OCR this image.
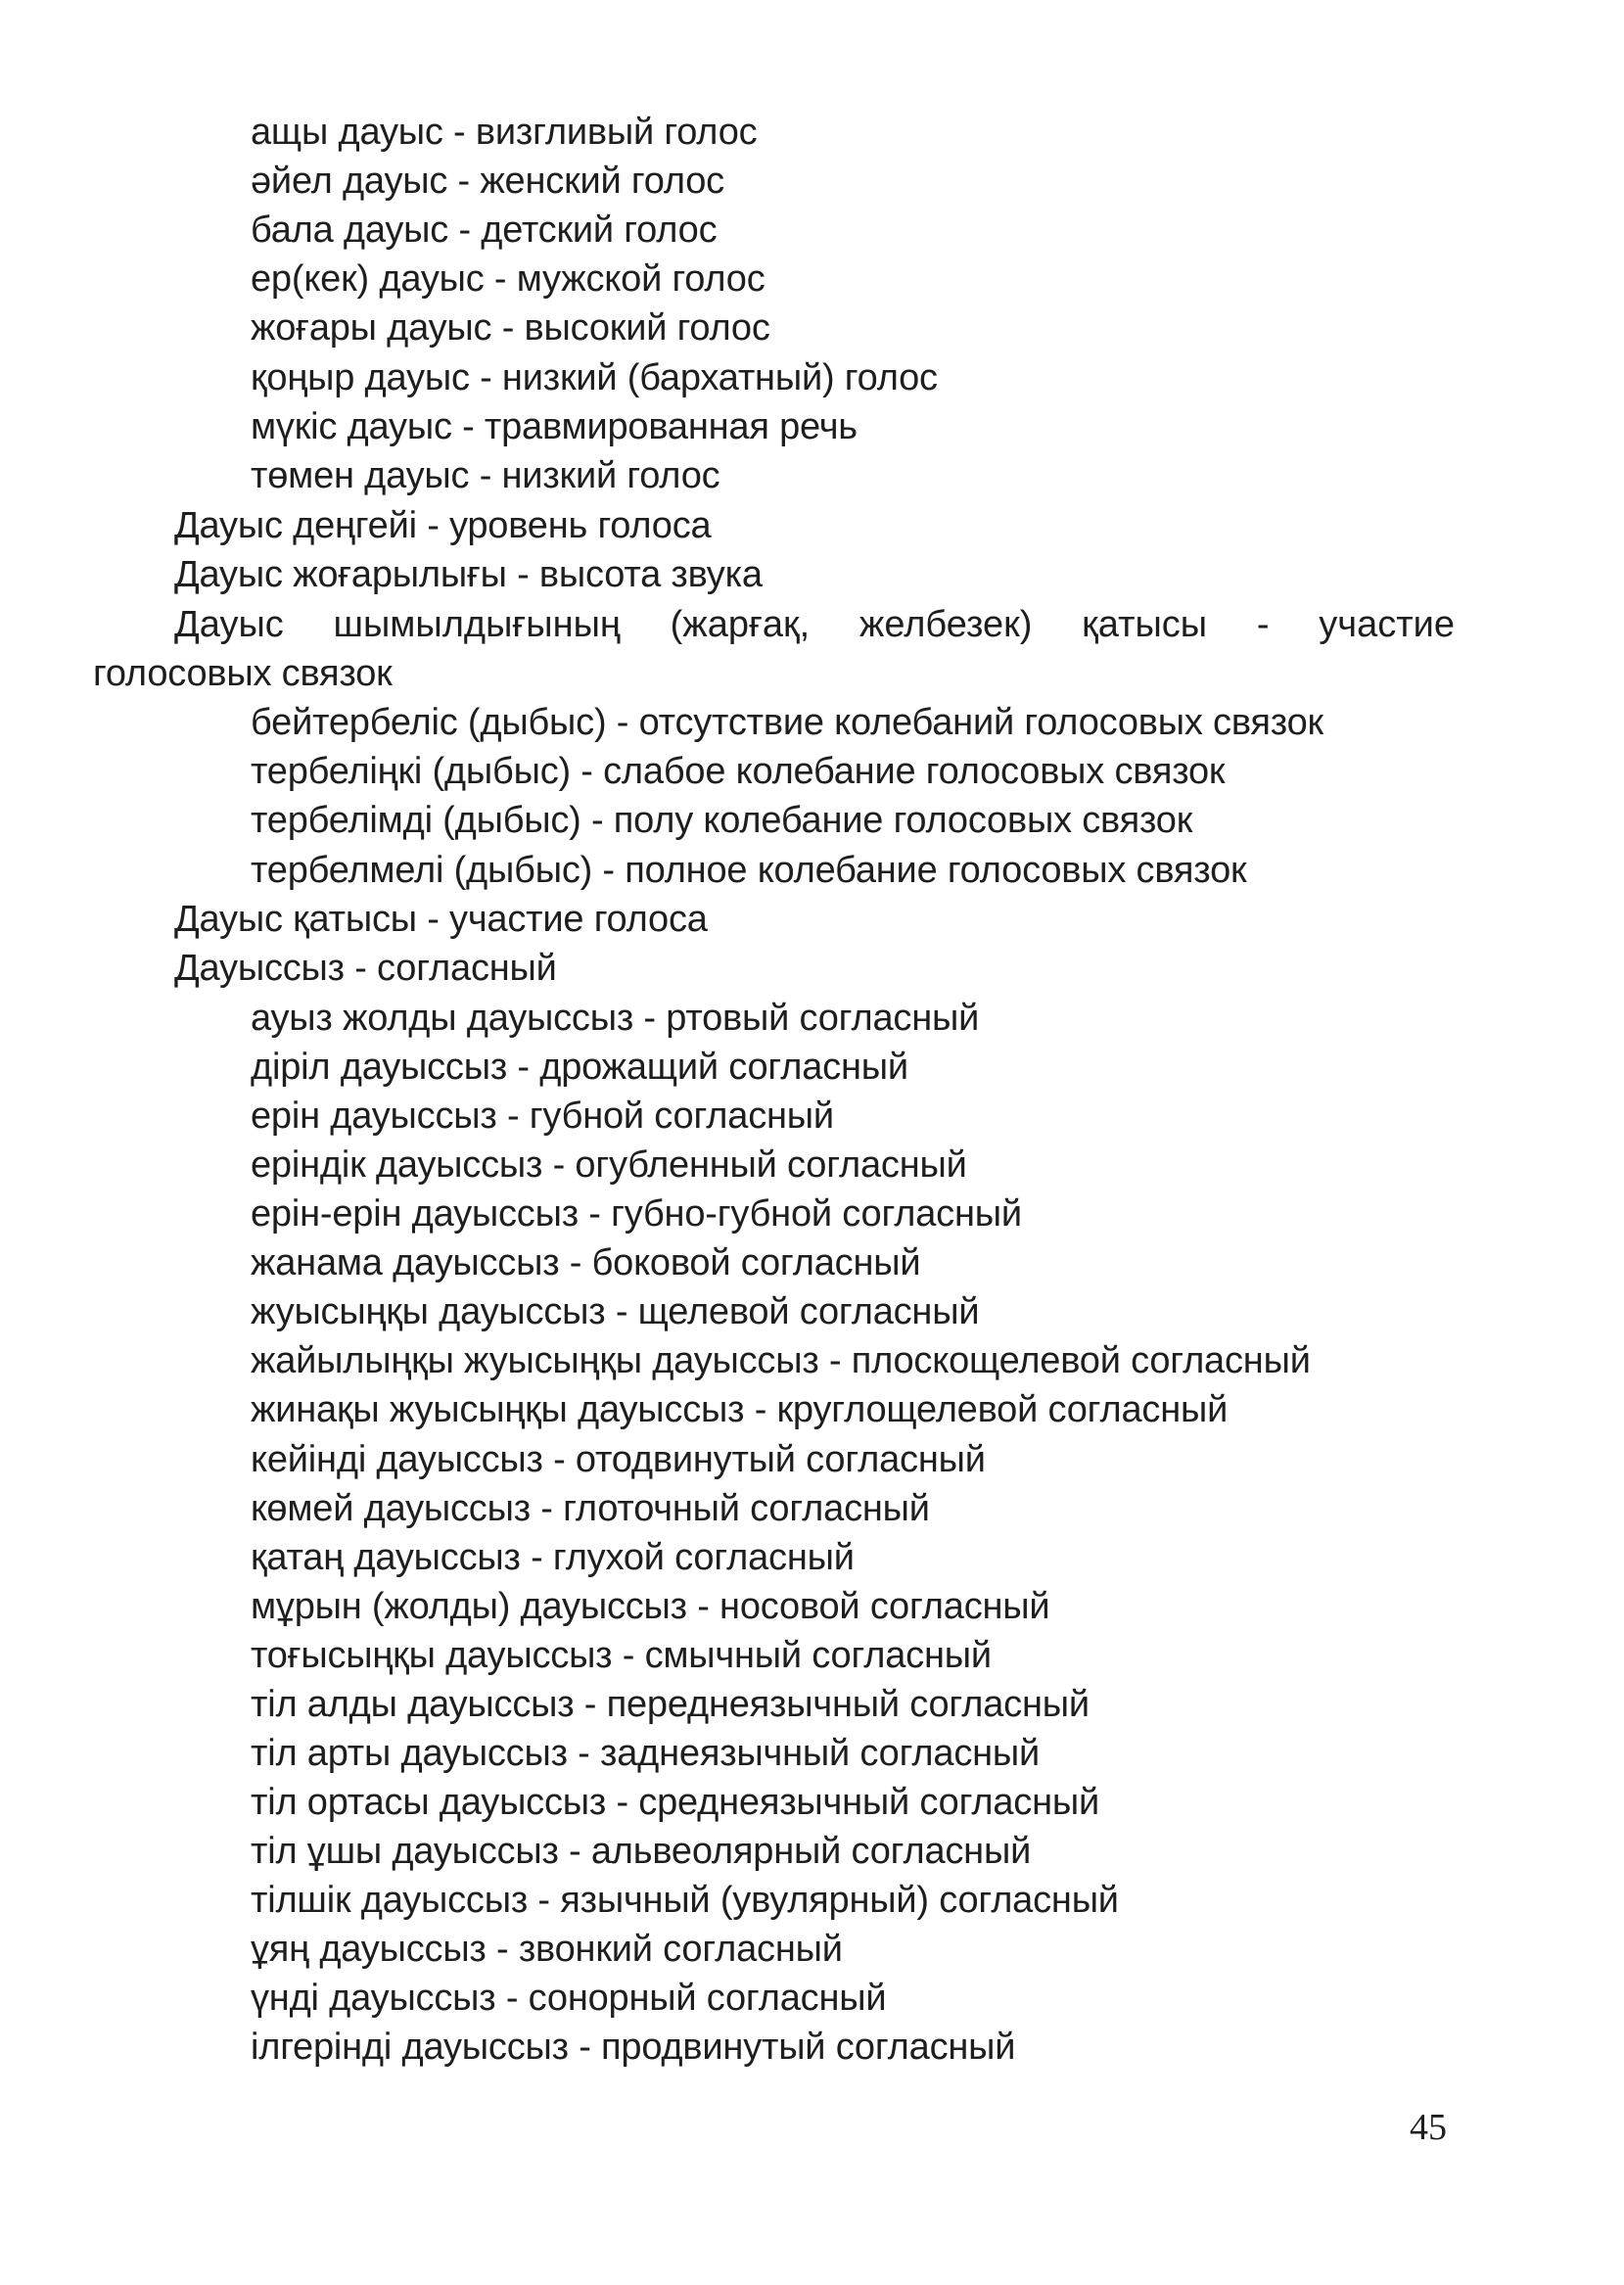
ащы дауыс - визгливый голос
әйел дауыс - женский голос
бала дауыс - детский голос
ер(кек) дауыс - мужской голос
жоғары дауыс - высокий голос
қоңыр дауыс - низкий (бархатный) голос
мүкіс дауыс - травмированная речь
төмен дауыс - низкий голос
Дауыс деңгейі - уровень голоса
Дауыс жоғарылығы - высота звука
Дауыс шымылдығының (жарғақ, желбезек) қатысы - участие
голосовых связок
бейтербеліс (дыбыс) - отсутствие колебаний голосовых связок
тербеліңкі (дыбыс) - слабое колебание голосовых связок
тербелімді (дыбыс) - полу колебание голосовых связок
тербелмелі (дыбыс) - полное колебание голосовых связок
Дауыс қатысы - участие голоса
Дауыссыз - согласный
ауыз жолды дауыссыз - ртовый согласный
діріл дауыссыз - дрожащий согласный
ерін дауыссыз - губной согласный
еріндік дауыссыз - огубленный согласный
ерін-ерін дауыссыз - губно-губной согласный
жанама дауыссыз - боковой согласный
жуысыңқы дауыссыз - щелевой согласный
жайылыңқы жуысыңқы дауыссыз - плоскощелевой согласный
жинақы жуысыңқы дауыссыз - круглощелевой согласный
кейінді дауыссыз - отодвинутый согласный
көмей дауыссыз - глоточный согласный
қатаң дауыссыз - глухой согласный
мұрын (жолды) дауыссыз - носовой согласный
тоғысыңқы дауыссыз - смычный согласный
тіл алды дауыссыз - переднеязычный согласный
тіл арты дауыссыз - заднеязычный согласный
тіл ортасы дауыссыз - среднеязычный согласный
тіл ұшы дауыссыз - альвеолярный согласный
тілшік дауыссыз - язычный (увулярный) согласный
ұяң дауыссыз - звонкий согласный
үнді дауыссыз - сонорный согласный
ілгерінді дауыссыз - продвинутый согласный
45
